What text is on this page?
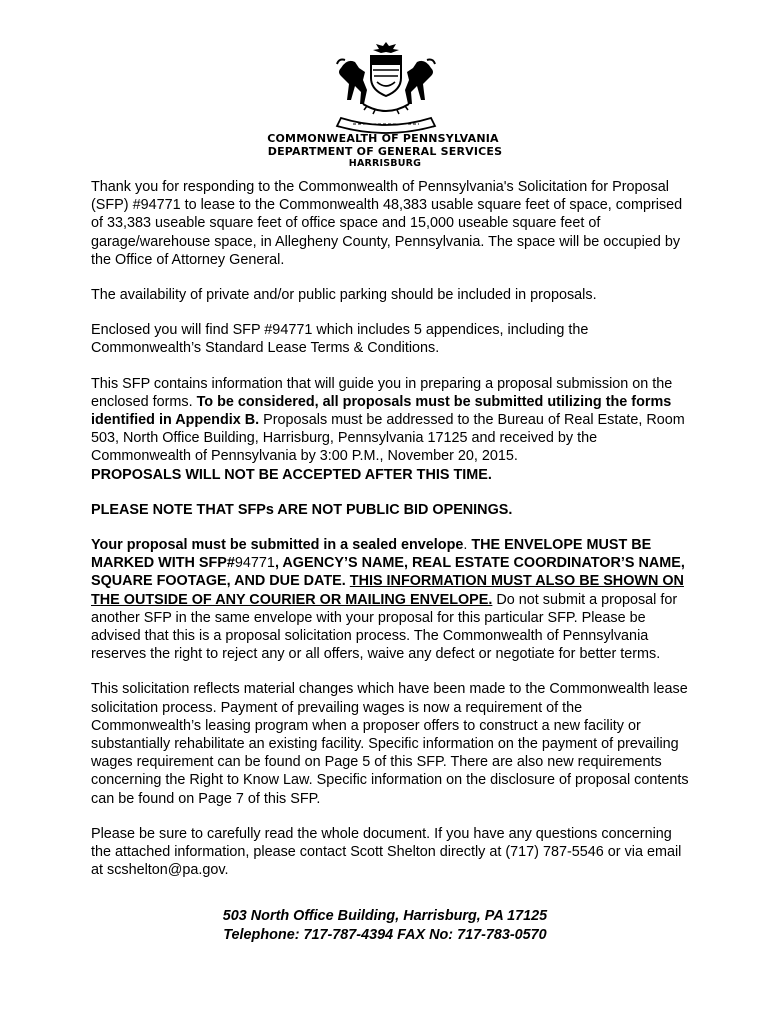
COMMONWEALTH OF PENNSYLVANIA
DEPARTMENT OF GENERAL SERVICES
HARRISBURG

Thank you for responding to the Commonwealth of Pennsylvania's Solicitation for Proposal (SFP) #94771 to lease to the Commonwealth 48,383 usable square feet of space, comprised of 33,383 useable square feet of office space and 15,000 useable square feet of garage/warehouse space, in Allegheny County, Pennsylvania. The space will be occupied by the Office of Attorney General.

The availability of private and/or public parking should be included in proposals.

Enclosed you will find SFP #94771 which includes 5 appendices, including the Commonwealth’s Standard Lease Terms & Conditions.

This SFP contains information that will guide you in preparing a proposal submission on the enclosed forms. To be considered, all proposals must be submitted utilizing the forms identified in Appendix B. Proposals must be addressed to the Bureau of Real Estate, Room 503, North Office Building, Harrisburg, Pennsylvania 17125 and received by the Commonwealth of Pennsylvania by 3:00 P.M., November 20, 2015.
PROPOSALS WILL NOT BE ACCEPTED AFTER THIS TIME.

PLEASE NOTE THAT SFPs ARE NOT PUBLIC BID OPENINGS.

Your proposal must be submitted in a sealed envelope. THE ENVELOPE MUST BE MARKED WITH SFP#94771, AGENCY’S NAME, REAL ESTATE COORDINATOR’S NAME, SQUARE FOOTAGE, AND DUE DATE. THIS INFORMATION MUST ALSO BE SHOWN ON THE OUTSIDE OF ANY COURIER OR MAILING ENVELOPE. Do not submit a proposal for another SFP in the same envelope with your proposal for this particular SFP. Please be advised that this is a proposal solicitation process. The Commonwealth of Pennsylvania reserves the right to reject any or all offers, waive any defect or negotiate for better terms.

This solicitation reflects material changes which have been made to the Commonwealth lease solicitation process. Payment of prevailing wages is now a requirement of the Commonwealth’s leasing program when a proposer offers to construct a new facility or substantially rehabilitate an existing facility. Specific information on the payment of prevailing wages requirement can be found on Page 5 of this SFP. There are also new requirements concerning the Right to Know Law. Specific information on the disclosure of proposal contents can be found on Page 7 of this SFP.

Please be sure to carefully read the whole document. If you have any questions concerning the attached information, please contact Scott Shelton directly at (717) 787-5546 or via email at scshelton@pa.gov.

503 North Office Building, Harrisburg, PA 17125
Telephone: 717-787-4394 FAX No: 717-783-0570
